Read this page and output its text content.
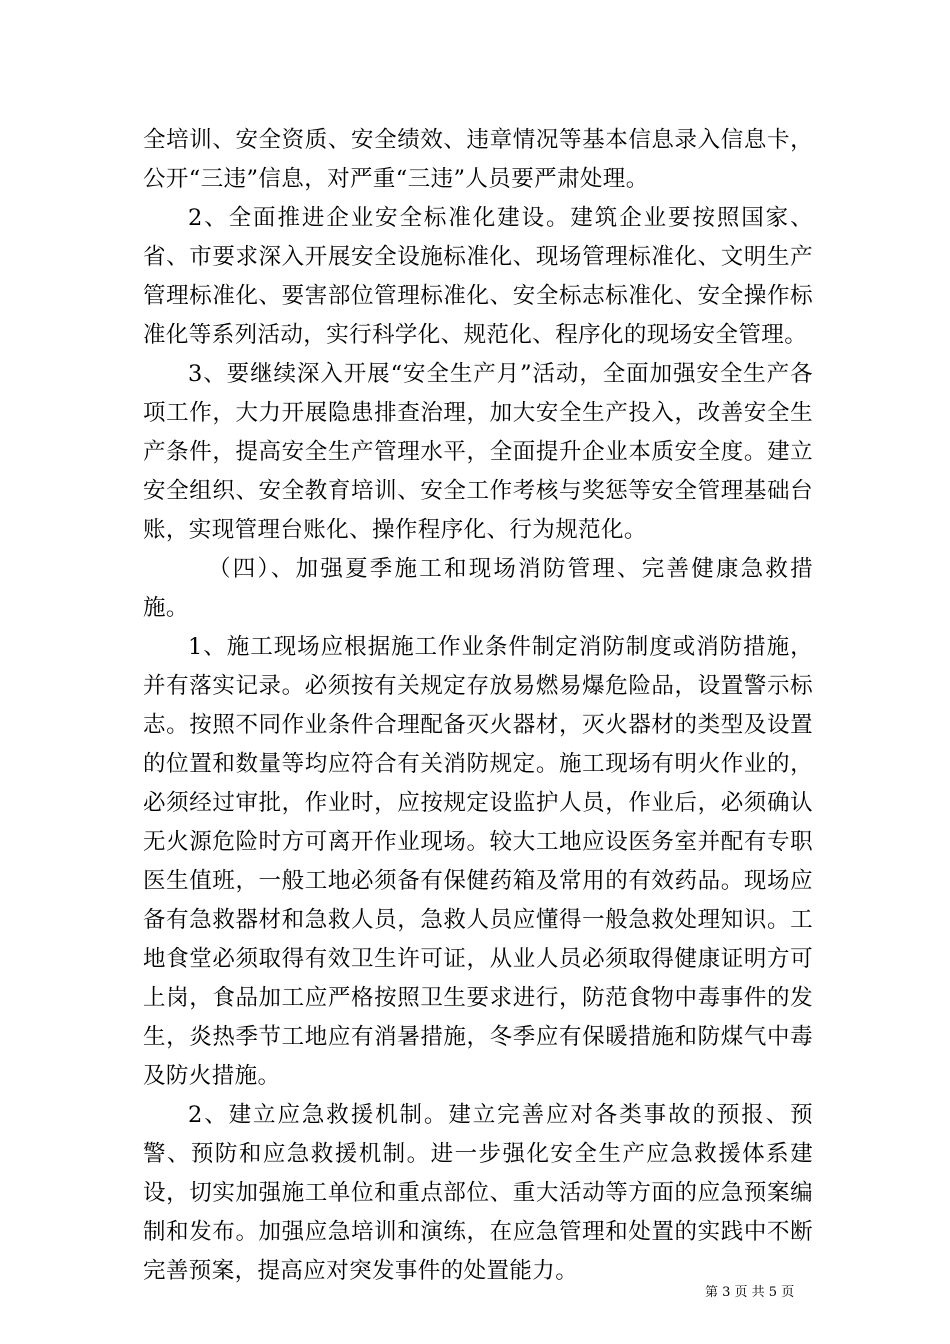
全培训、安全资质、安全绩效、违章情况等基本信息录入信息卡，公开“三违”信息，对严重“三违”人员要严肃处理。

2、全面推进企业安全标准化建设。建筑企业要按照国家、省、市要求深入开展安全设施标准化、现场管理标准化、文明生产管理标准化、要害部位管理标准化、安全标志标准化、安全操作标准化等系列活动，实行科学化、规范化、程序化的现场安全管理。

3、要继续深入开展“安全生产月”活动，全面加强安全生产各项工作，大力开展隐患排查治理，加大安全生产投入，改善安全生产条件，提高安全生产管理水平，全面提升企业本质安全度。建立安全组织、安全教育培训、安全工作考核与奖惩等安全管理基础台账，实现管理台账化、操作程序化、行为规范化。

（四）、加强夏季施工和现场消防管理、完善健康急救措施。

1、施工现场应根据施工作业条件制定消防制度或消防措施，并有落实记录。必须按有关规定存放易燃易爆危险品，设置警示标志。按照不同作业条件合理配备灭火器材，灭火器材的类型及设置的位置和数量等均应符合有关消防规定。施工现场有明火作业的，必须经过审批，作业时，应按规定设监护人员，作业后，必须确认无火源危险时方可离开作业现场。较大工地应设医务室并配有专职医生值班，一般工地必须备有保健药箱及常用的有效药品。现场应备有急救器材和急救人员，急救人员应懂得一般急救处理知识。工地食堂必须取得有效卫生许可证，从业人员必须取得健康证明方可上岗，食品加工应严格按照卫生要求进行，防范食物中毒事件的发生，炎热季节工地应有消暑措施，冬季应有保暖措施和防煤气中毒及防火措施。

2、建立应急救援机制。建立完善应对各类事故的预报、预警、预防和应急救援机制。进一步强化安全生产应急救援体系建设，切实加强施工单位和重点部位、重大活动等方面的应急预案编制和发布。加强应急培训和演练，在应急管理和处置的实践中不断完善预案，提高应对突发事件的处置能力。

第 3 页 共 5 页
